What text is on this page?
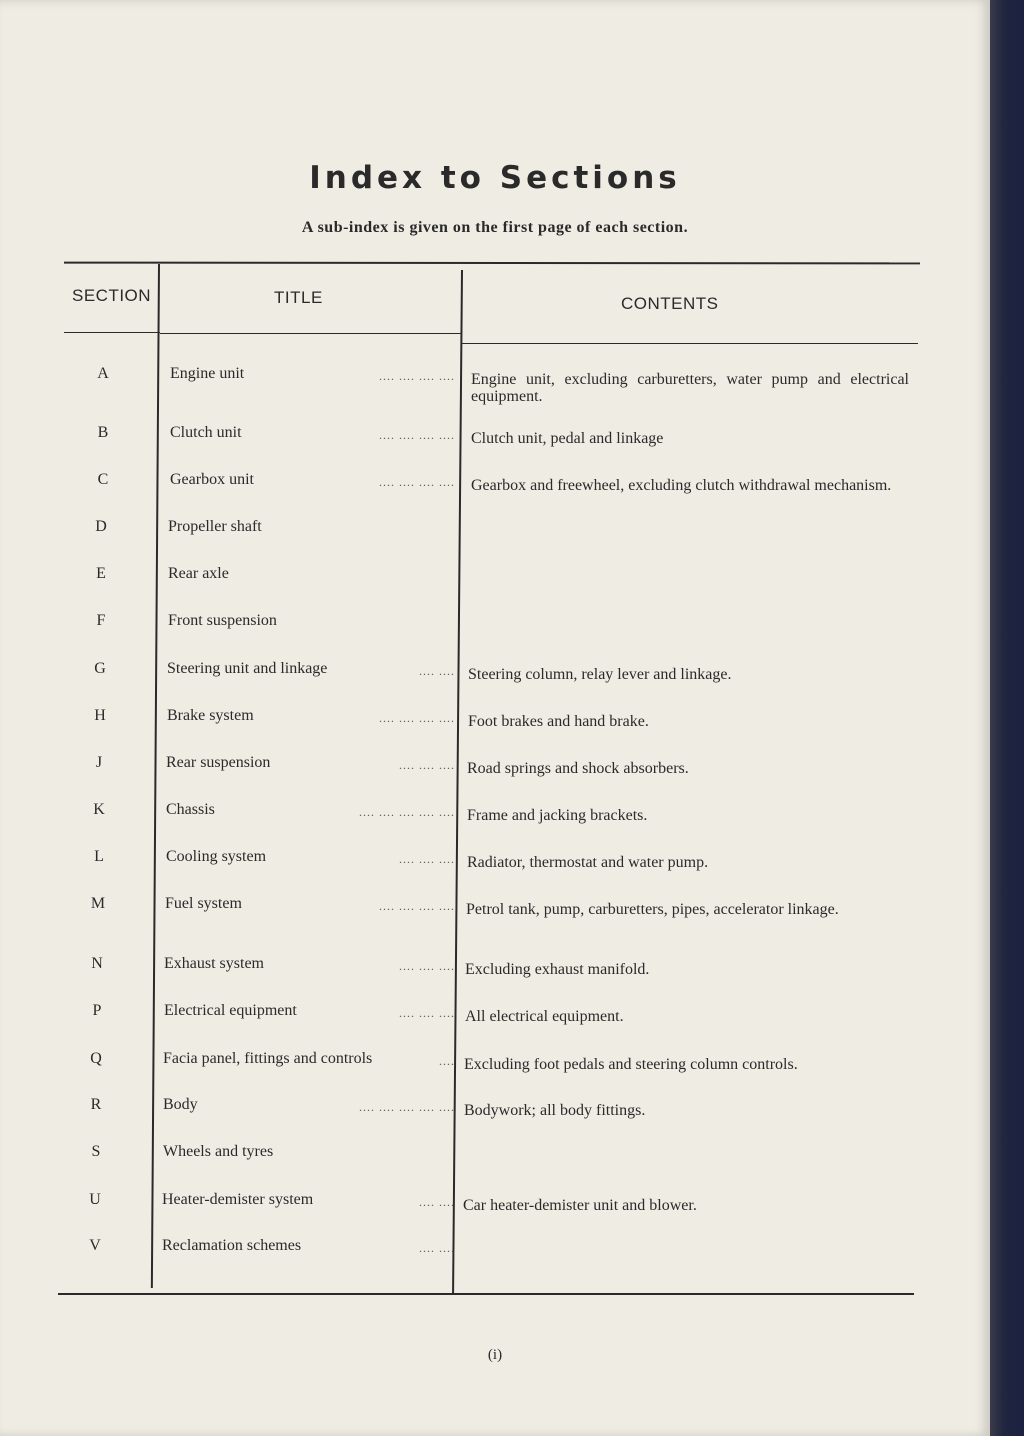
Index to Sections
A sub-index is given on the first page of each section.
SECTION	TITLE	CONTENTS
A	Engine unit	.... .... .... .... Engine unit, excluding carburetters, water pump and electrical equipment.
B	Clutch unit	.... .... .... .... Clutch unit, pedal and linkage
C	Gearbox unit	.... .... .... .... Gearbox and freewheel, excluding clutch withdrawal mechanism.
D	Propeller shaft
E	Rear axle
F	Front suspension
G	Steering unit and linkage	.... .... Steering column, relay lever and linkage.
H	Brake system	.... .... .... .... Foot brakes and hand brake.
J	Rear suspension	.... .... .... Road springs and shock absorbers.
K	Chassis	.... .... .... .... .... Frame and jacking brackets.
L	Cooling system	.... .... .... Radiator, thermostat and water pump.
M	Fuel system	.... .... .... .... Petrol tank, pump, carburetters, pipes, accelerator linkage.
N	Exhaust system	.... .... .... Excluding exhaust manifold.
P	Electrical equipment	.... .... .... All electrical equipment.
Q	Facia panel, fittings and controls	.... Excluding foot pedals and steering column controls.
R	Body	.... .... .... .... .... Bodywork; all body fittings.
S	Wheels and tyres
U	Heater-demister system	.... .... Car heater-demister unit and blower.
V	Reclamation schemes	.... ....
(i)
